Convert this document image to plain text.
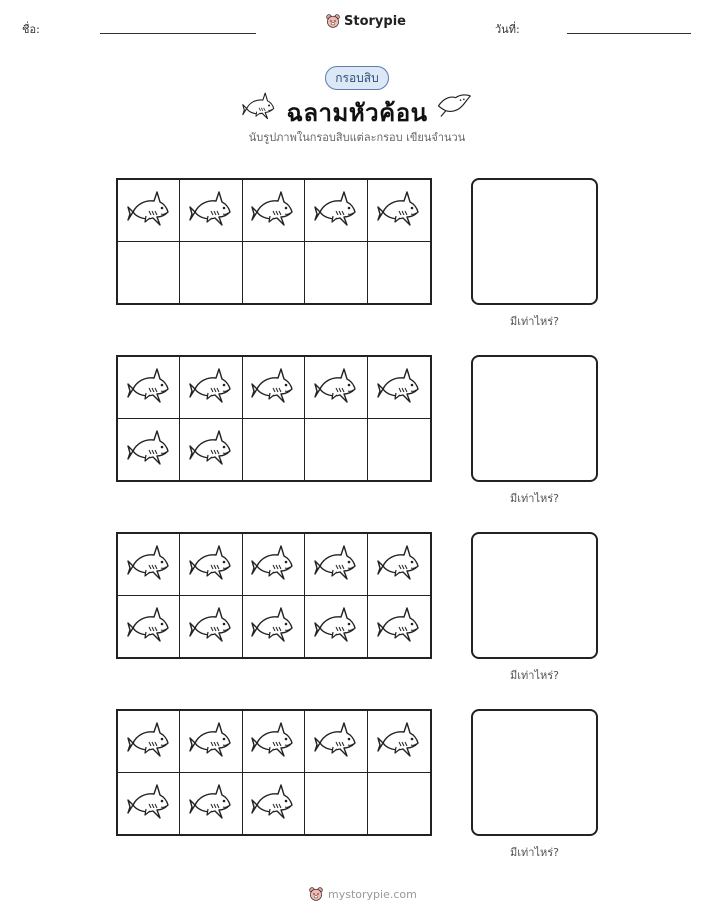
ชื่อ:
Storypie
วันที่:
กรอบสิบ
ฉลามหัวค้อน
นับรูปภาพในกรอบสิบแต่ละกรอบ เขียนจำนวน
มีเท่าไหร่?
มีเท่าไหร่?
มีเท่าไหร่?
มีเท่าไหร่?
mystorypie.com
